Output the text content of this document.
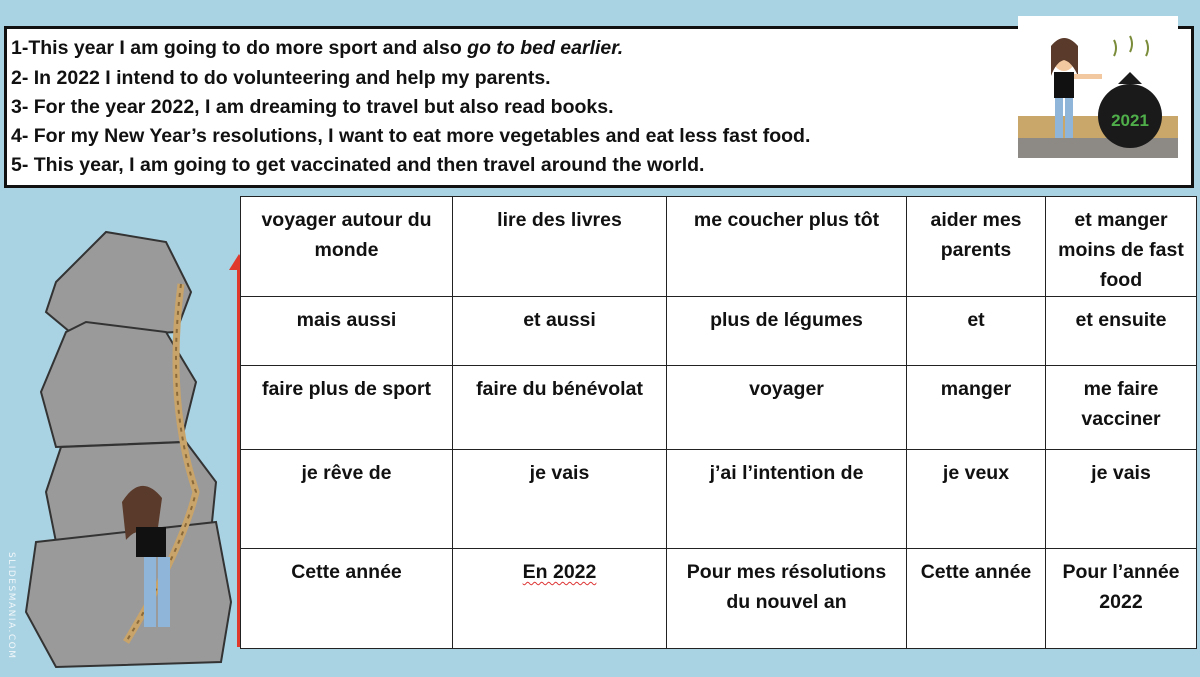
1-This year I am going to do more sport and also go to bed earlier.
2- In 2022 I intend to do volunteering and help my parents.
3- For the year 2022, I am dreaming to travel but also read books.
4- For my New Year’s resolutions, I want to eat more vegetables and eat less fast food.
5- This year, I am going to get vaccinated and then travel around the world.
2021
SLIDESMANIA.COM
voyager autour du monde	lire des livres	me coucher plus tôt	aider mes parents	et manger moins de fast food
mais aussi	et aussi	plus de légumes	et	et ensuite
faire plus de sport	faire du bénévolat	voyager	manger	me faire vacciner
je rêve de	je vais	j’ai l’intention de	je veux	je vais
Cette année	En 2022	Pour mes résolutions du nouvel an	Cette année	Pour l’année 2022
